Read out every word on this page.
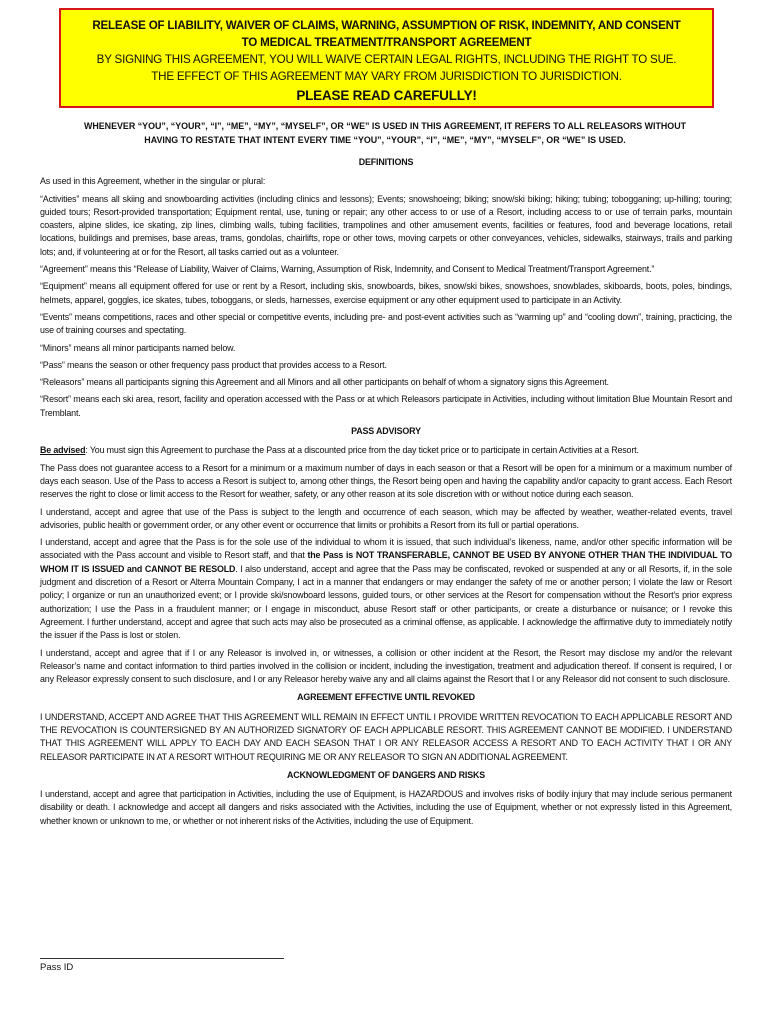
RELEASE OF LIABILITY, WAIVER OF CLAIMS, WARNING, ASSUMPTION OF RISK, INDEMNITY, AND CONSENT

TO MEDICAL TREATMENT/TRANSPORT AGREEMENT

BY SIGNING THIS AGREEMENT, YOU WILL WAIVE CERTAIN LEGAL RIGHTS, INCLUDING THE RIGHT TO SUE.

THE EFFECT OF THIS AGREEMENT MAY VARY FROM JURISDICTION TO JURISDICTION.

PLEASE READ CAREFULLY!

WHENEVER “YOU”, “YOUR”, “I”, “ME”, “MY”, “MYSELF”, OR “WE” IS USED IN THIS AGREEMENT, IT REFERS TO ALL RELEASORS WITHOUT
HAVING TO RESTATE THAT INTENT EVERY TIME “YOU”, “YOUR”, “I”, “ME”, “MY”, “MYSELF”, OR “WE” IS USED.

DEFINITIONS

As used in this Agreement, whether in the singular or plural:

“Activities” means all skiing and snowboarding activities (including clinics and lessons); Events; snowshoeing; biking; snow/ski biking; hiking; tubing; tobogganing; up-hilling; touring; guided tours; Resort-provided transportation; Equipment rental, use, tuning or repair; any other access to or use of a Resort, including access to or use of terrain parks, mountain coasters, alpine slides, ice skating, zip lines, climbing walls, tubing facilities, trampolines and other amusement events, facilities or features, food and beverage locations, retail locations, buildings and premises, base areas, trams, gondolas, chairlifts, rope or other tows, moving carpets or other conveyances, vehicles, sidewalks, stairways, trails and parking lots; and, if volunteering at or for the Resort, all tasks carried out as a volunteer.

“Agreement” means this “Release of Liability, Waiver of Claims, Warning, Assumption of Risk, Indemnity, and Consent to Medical Treatment/Transport Agreement.”

“Equipment” means all equipment offered for use or rent by a Resort, including skis, snowboards, bikes, snow/ski bikes, snowshoes, snowblades, skiboards, boots, poles, bindings, helmets, apparel, goggles, ice skates, tubes, toboggans, or sleds, harnesses, exercise equipment or any other equipment used to participate in an Activity.

“Events” means competitions, races and other special or competitive events, including pre- and post-event activities such as “warming up” and “cooling down”, training, practicing, the use of training courses and spectating.

“Minors” means all minor participants named below.

“Pass” means the season or other frequency pass product that provides access to a Resort.

“Releasors” means all participants signing this Agreement and all Minors and all other participants on behalf of whom a signatory signs this Agreement.

“Resort” means each ski area, resort, facility and operation accessed with the Pass or at which Releasors participate in Activities, including without limitation Blue Mountain Resort and Tremblant.

PASS ADVISORY

Be advised: You must sign this Agreement to purchase the Pass at a discounted price from the day ticket price or to participate in certain Activities at a Resort.

The Pass does not guarantee access to a Resort for a minimum or a maximum number of days in each season or that a Resort will be open for a minimum or a maximum number of days each season. Use of the Pass to access a Resort is subject to, among other things, the Resort being open and having the capability and/or capacity to grant access. Each Resort reserves the right to close or limit access to the Resort for weather, safety, or any other reason at its sole discretion with or without notice during each season.

I understand, accept and agree that use of the Pass is subject to the length and occurrence of each season, which may be affected by weather, weather-related events, travel advisories, public health or government order, or any other event or occurrence that limits or prohibits a Resort from its full or partial operations.

I understand, accept and agree that the Pass is for the sole use of the individual to whom it is issued, that such individual’s likeness, name, and/or other specific information will be associated with the Pass account and visible to Resort staff, and that the Pass is NOT TRANSFERABLE, CANNOT BE USED BY ANYONE OTHER THAN THE INDIVIDUAL TO WHOM IT IS ISSUED and CANNOT BE RESOLD. I also understand, accept and agree that the Pass may be confiscated, revoked or suspended at any or all Resorts, if, in the sole judgment and discretion of a Resort or Alterra Mountain Company, I act in a manner that endangers or may endanger the safety of me or another person; I violate the law or Resort policy; I organize or run an unauthorized event; or I provide ski/snowboard lessons, guided tours, or other services at the Resort for compensation without the Resort’s prior express authorization; I use the Pass in a fraudulent manner; or I engage in misconduct, abuse Resort staff or other participants, or create a disturbance or nuisance; or I revoke this Agreement. I further understand, accept and agree that such acts may also be prosecuted as a criminal offense, as applicable. I acknowledge the affirmative duty to immediately notify the issuer if the Pass is lost or stolen.

I understand, accept and agree that if I or any Releasor is involved in, or witnesses, a collision or other incident at the Resort, the Resort may disclose my and/or the relevant Releasor’s name and contact information to third parties involved in the collision or incident, including the investigation, treatment and adjudication thereof. If consent is required, I or any Releasor expressly consent to such disclosure, and I or any Releasor hereby waive any and all claims against the Resort that I or any Releasor did not consent to such disclosure.

AGREEMENT EFFECTIVE UNTIL REVOKED

I UNDERSTAND, ACCEPT AND AGREE THAT THIS AGREEMENT WILL REMAIN IN EFFECT UNTIL I PROVIDE WRITTEN REVOCATION TO EACH APPLICABLE RESORT AND THE REVOCATION IS COUNTERSIGNED BY AN AUTHORIZED SIGNATORY OF EACH APPLICABLE RESORT. THIS AGREEMENT CANNOT BE MODIFIED. I UNDERSTAND THAT THIS AGREEMENT WILL APPLY TO EACH DAY AND EACH SEASON THAT I OR ANY RELEASOR ACCESS A RESORT AND TO EACH ACTIVITY THAT I OR ANY RELEASOR PARTICIPATE IN AT A RESORT WITHOUT REQUIRING ME OR ANY RELEASOR TO SIGN AN ADDITIONAL AGREEMENT.

ACKNOWLEDGMENT OF DANGERS AND RISKS

I understand, accept and agree that participation in Activities, including the use of Equipment, is HAZARDOUS and involves risks of bodily injury that may include serious permanent disability or death. I acknowledge and accept all dangers and risks associated with the Activities, including the use of Equipment, whether or not expressly listed in this Agreement, whether known or unknown to me, or whether or not inherent risks of the Activities, including the use of Equipment.

Pass ID
